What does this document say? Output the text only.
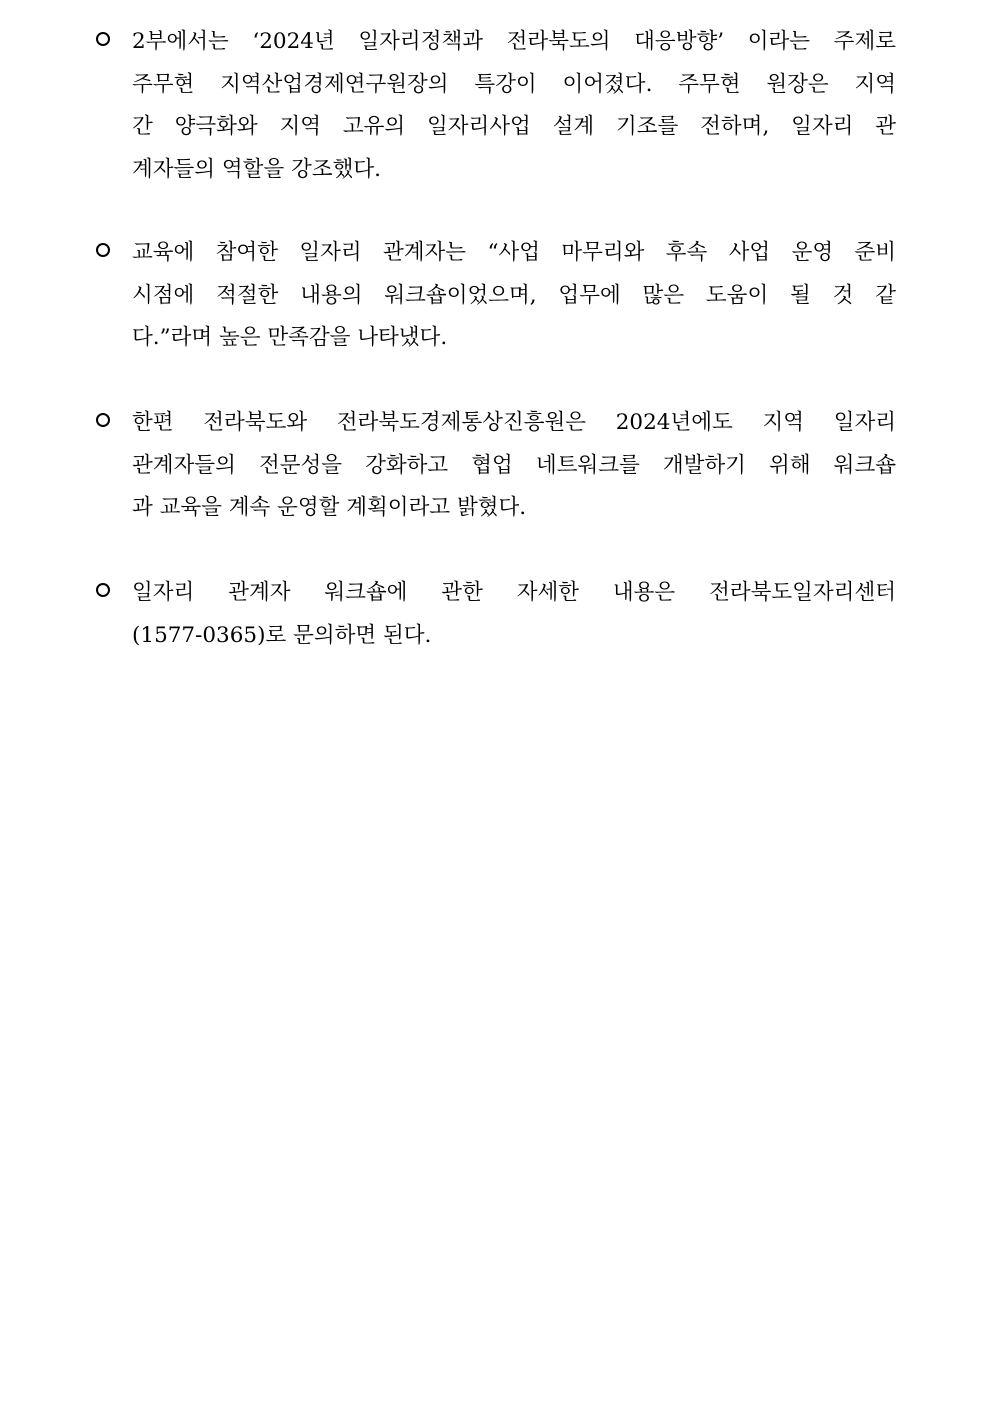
2부에서는 ‘2024년 일자리정책과 전라북도의 대응방향’ 이라는 주제로
주무현 지역산업경제연구원장의 특강이 이어졌다. 주무현 원장은 지역
간 양극화와 지역 고유의 일자리사업 설계 기조를 전하며, 일자리 관
계자들의 역할을 강조했다.

교육에 참여한 일자리 관계자는 “사업 마무리와 후속 사업 운영 준비
시점에 적절한 내용의 워크숍이었으며, 업무에 많은 도움이 될 것 같
다.”라며 높은 만족감을 나타냈다.

한편 전라북도와 전라북도경제통상진흥원은 2024년에도 지역 일자리
관계자들의 전문성을 강화하고 협업 네트워크를 개발하기 위해 워크숍
과 교육을 계속 운영할 계획이라고 밝혔다.

일자리 관계자 워크숍에 관한 자세한 내용은 전라북도일자리센터
(1577-0365)로 문의하면 된다.
